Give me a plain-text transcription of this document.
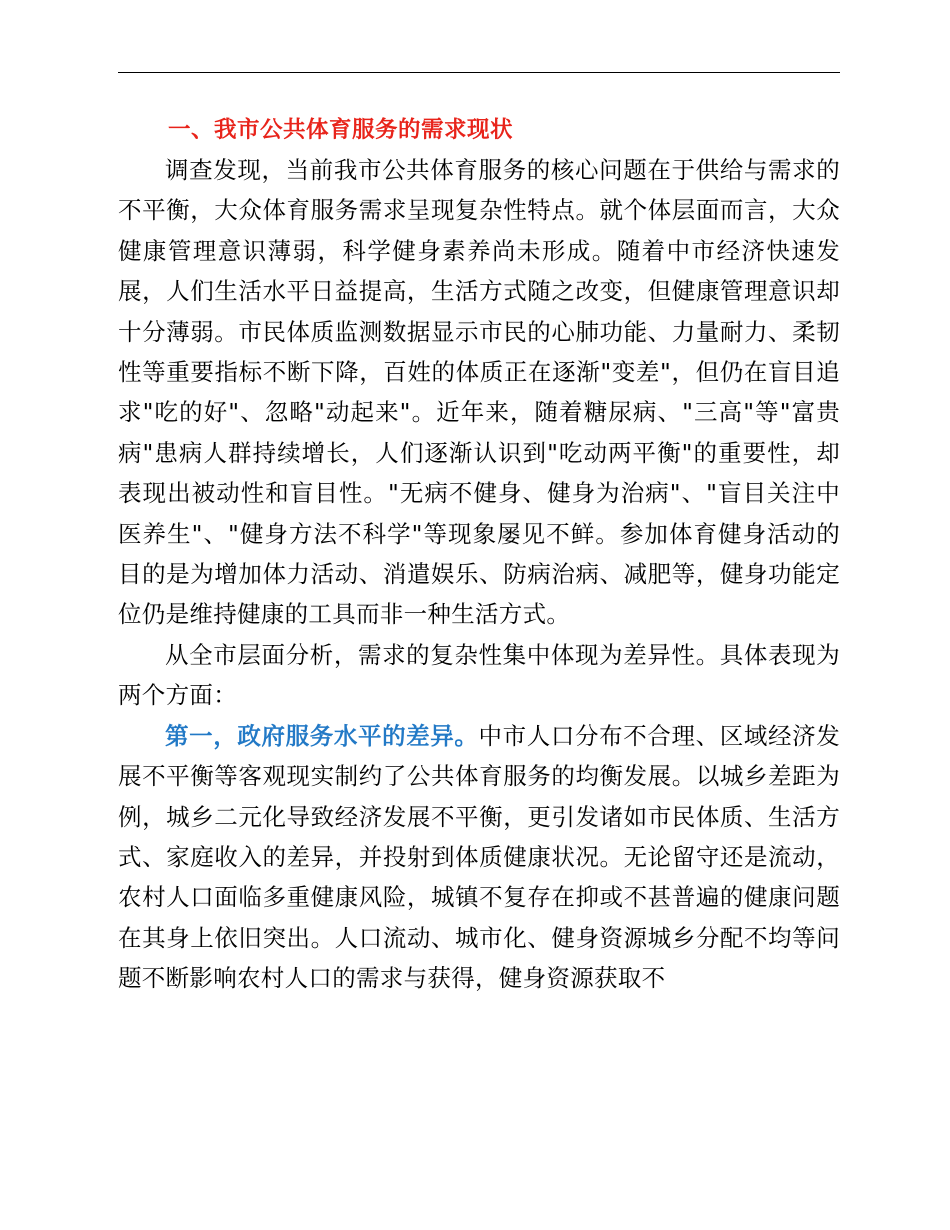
一、我市公共体育服务的需求现状

调查发现，当前我市公共体育服务的核心问题在于供给与需求的不平衡，大众体育服务需求呈现复杂性特点。就个体层面而言，大众健康管理意识薄弱，科学健身素养尚未形成。随着中市经济快速发展，人们生活水平日益提高，生活方式随之改变，但健康管理意识却十分薄弱。市民体质监测数据显示市民的心肺功能、力量耐力、柔韧性等重要指标不断下降，百姓的体质正在逐渐"变差"，但仍在盲目追求"吃的好"、忽略"动起来"。近年来，随着糖尿病、"三高"等"富贵病"患病人群持续增长，人们逐渐认识到"吃动两平衡"的重要性，却表现出被动性和盲目性。"无病不健身、健身为治病"、"盲目关注中医养生"、"健身方法不科学"等现象屡见不鲜。参加体育健身活动的目的是为增加体力活动、消遣娱乐、防病治病、减肥等，健身功能定位仍是维持健康的工具而非一种生活方式。

从全市层面分析，需求的复杂性集中体现为差异性。具体表现为两个方面：

第一，政府服务水平的差异。中市人口分布不合理、区域经济发展不平衡等客观现实制约了公共体育服务的均衡发展。以城乡差距为例，城乡二元化导致经济发展不平衡，更引发诸如市民体质、生活方式、家庭收入的差异，并投射到体质健康状况。无论留守还是流动，农村人口面临多重健康风险，城镇不复存在抑或不甚普遍的健康问题在其身上依旧突出。人口流动、城市化、健身资源城乡分配不均等问题不断影响农村人口的需求与获得，健身资源获取不
